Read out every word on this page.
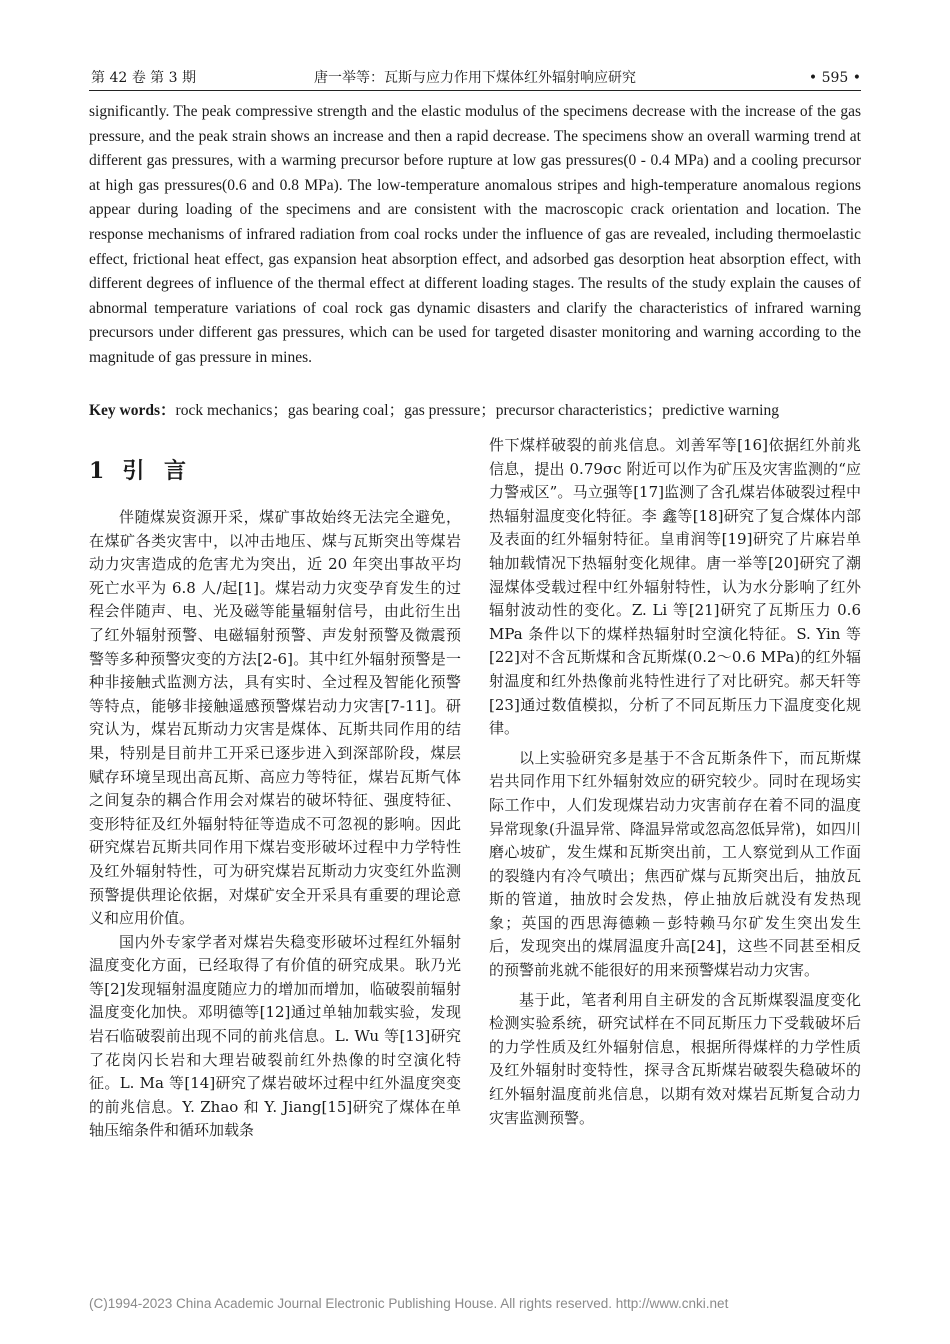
第 42 卷 第 3 期	唐一举等：瓦斯与应力作用下煤体红外辐射响应研究	• 595 •

significantly. The peak compressive strength and the elastic modulus of the specimens decrease with the increase of the gas pressure, and the peak strain shows an increase and then a rapid decrease. The specimens show an overall warming trend at different gas pressures, with a warming precursor before rupture at low gas pressures(0 ‑ 0.4 MPa) and a cooling precursor at high gas pressures(0.6 and 0.8 MPa). The low-temperature anomalous stripes and high-temperature anomalous regions appear during loading of the specimens and are consistent with the macroscopic crack orientation and location. The response mechanisms of infrared radiation from coal rocks under the influence of gas are revealed, including thermoelastic effect, frictional heat effect, gas expansion heat absorption effect, and adsorbed gas desorption heat absorption effect, with different degrees of influence of the thermal effect at different loading stages. The results of the study explain the causes of abnormal temperature variations of coal rock gas dynamic disasters and clarify the characteristics of infrared warning precursors under different gas pressures, which can be used for targeted disaster monitoring and warning according to the magnitude of gas pressure in mines.

Key words：rock mechanics；gas bearing coal；gas pressure；precursor characteristics；predictive warning

1 引 言

伴随煤炭资源开采，煤矿事故始终无法完全避免，在煤矿各类灾害中，以冲击地压、煤与瓦斯突出等煤岩动力灾害造成的危害尤为突出，近 20 年突出事故平均死亡水平为 6.8 人/起[1]。煤岩动力灾变孕育发生的过程会伴随声、电、光及磁等能量辐射信号，由此衍生出了红外辐射预警、电磁辐射预警、声发射预警及微震预警等多种预警灾变的方法[2-6]。其中红外辐射预警是一种非接触式监测方法，具有实时、全过程及智能化预警等特点，能够非接触遥感预警煤岩动力灾害[7-11]。研究认为，煤岩瓦斯动力灾害是煤体、瓦斯共同作用的结果，特别是目前井工开采已逐步进入到深部阶段，煤层赋存环境呈现出高瓦斯、高应力等特征，煤岩瓦斯气体之间复杂的耦合作用会对煤岩的破坏特征、强度特征、变形特征及红外辐射特征等造成不可忽视的影响。因此研究煤岩瓦斯共同作用下煤岩变形破坏过程中力学特性及红外辐射特性，可为研究煤岩瓦斯动力灾变红外监测预警提供理论依据，对煤矿安全开采具有重要的理论意义和应用价值。

国内外专家学者对煤岩失稳变形破坏过程红外辐射温度变化方面，已经取得了有价值的研究成果。耿乃光等[2]发现辐射温度随应力的增加而增加，临破裂前辐射温度变化加快。邓明德等[12]通过单轴加载实验，发现岩石临破裂前出现不同的前兆信息。L. Wu 等[13]研究了花岗闪长岩和大理岩破裂前红外热像的时空演化特征。L. Ma 等[14]研究了煤岩破坏过程中红外温度突变的前兆信息。Y. Zhao 和 Y. Jiang[15]研究了煤体在单轴压缩条件和循环加载条

件下煤样破裂的前兆信息。刘善军等[16]依据红外前兆信息，提出 0.79σc 附近可以作为矿压及灾害监测的“应力警戒区”。马立强等[17]监测了含孔煤岩体破裂过程中热辐射温度变化特征。李 鑫等[18]研究了复合煤体内部及表面的红外辐射特征。皇甫润等[19]研究了片麻岩单轴加载情况下热辐射变化规律。唐一举等[20]研究了潮湿煤体受载过程中红外辐射特性，认为水分影响了红外辐射波动性的变化。Z. Li 等[21]研究了瓦斯压力 0.6 MPa 条件以下的煤样热辐射时空演化特征。S. Yin 等[22]对不含瓦斯煤和含瓦斯煤(0.2～0.6 MPa)的红外辐射温度和红外热像前兆特性进行了对比研究。郝天轩等[23]通过数值模拟，分析了不同瓦斯压力下温度变化规律。

以上实验研究多是基于不含瓦斯条件下，而瓦斯煤岩共同作用下红外辐射效应的研究较少。同时在现场实际工作中，人们发现煤岩动力灾害前存在着不同的温度异常现象(升温异常、降温异常或忽高忽低异常)，如四川磨心坡矿，发生煤和瓦斯突出前，工人察觉到从工作面的裂缝内有冷气喷出；焦西矿煤与瓦斯突出后，抽放瓦斯的管道，抽放时会发热，停止抽放后就没有发热现象；英国的西思海德赖－彭特赖马尔矿发生突出发生后，发现突出的煤屑温度升高[24]，这些不同甚至相反的预警前兆就不能很好的用来预警煤岩动力灾害。

基于此，笔者利用自主研发的含瓦斯煤裂温度变化检测实验系统，研究试样在不同瓦斯压力下受载破坏后的力学性质及红外辐射信息，根据所得煤样的力学性质及红外辐射时变特性，探寻含瓦斯煤岩破裂失稳破坏的红外辐射温度前兆信息，以期有效对煤岩瓦斯复合动力灾害监测预警。

(C)1994-2023 China Academic Journal Electronic Publishing House. All rights reserved. http://www.cnki.net
